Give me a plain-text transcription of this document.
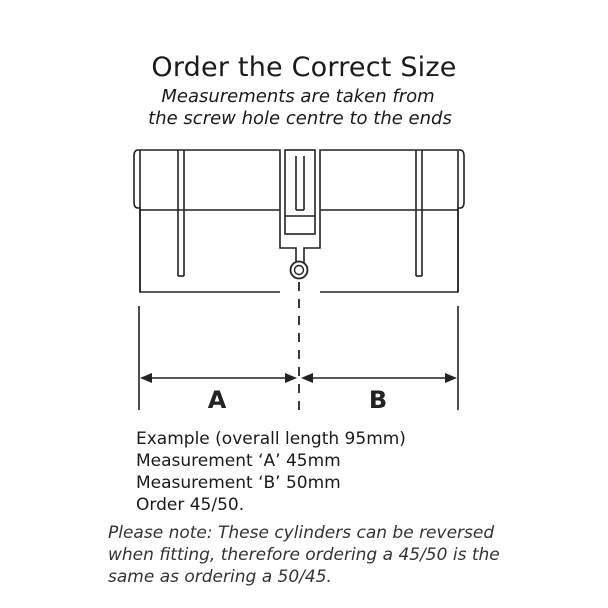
Order the Correct Size
Measurements are taken from
the screw hole centre to the ends
A	B
Example (overall length 95mm)
Measurement ‘A’ 45mm
Measurement ‘B’ 50mm
Order 45/50.
Please note: These cylinders can be reversed
when fitting, therefore ordering a 45/50 is the
same as ordering a 50/45.
